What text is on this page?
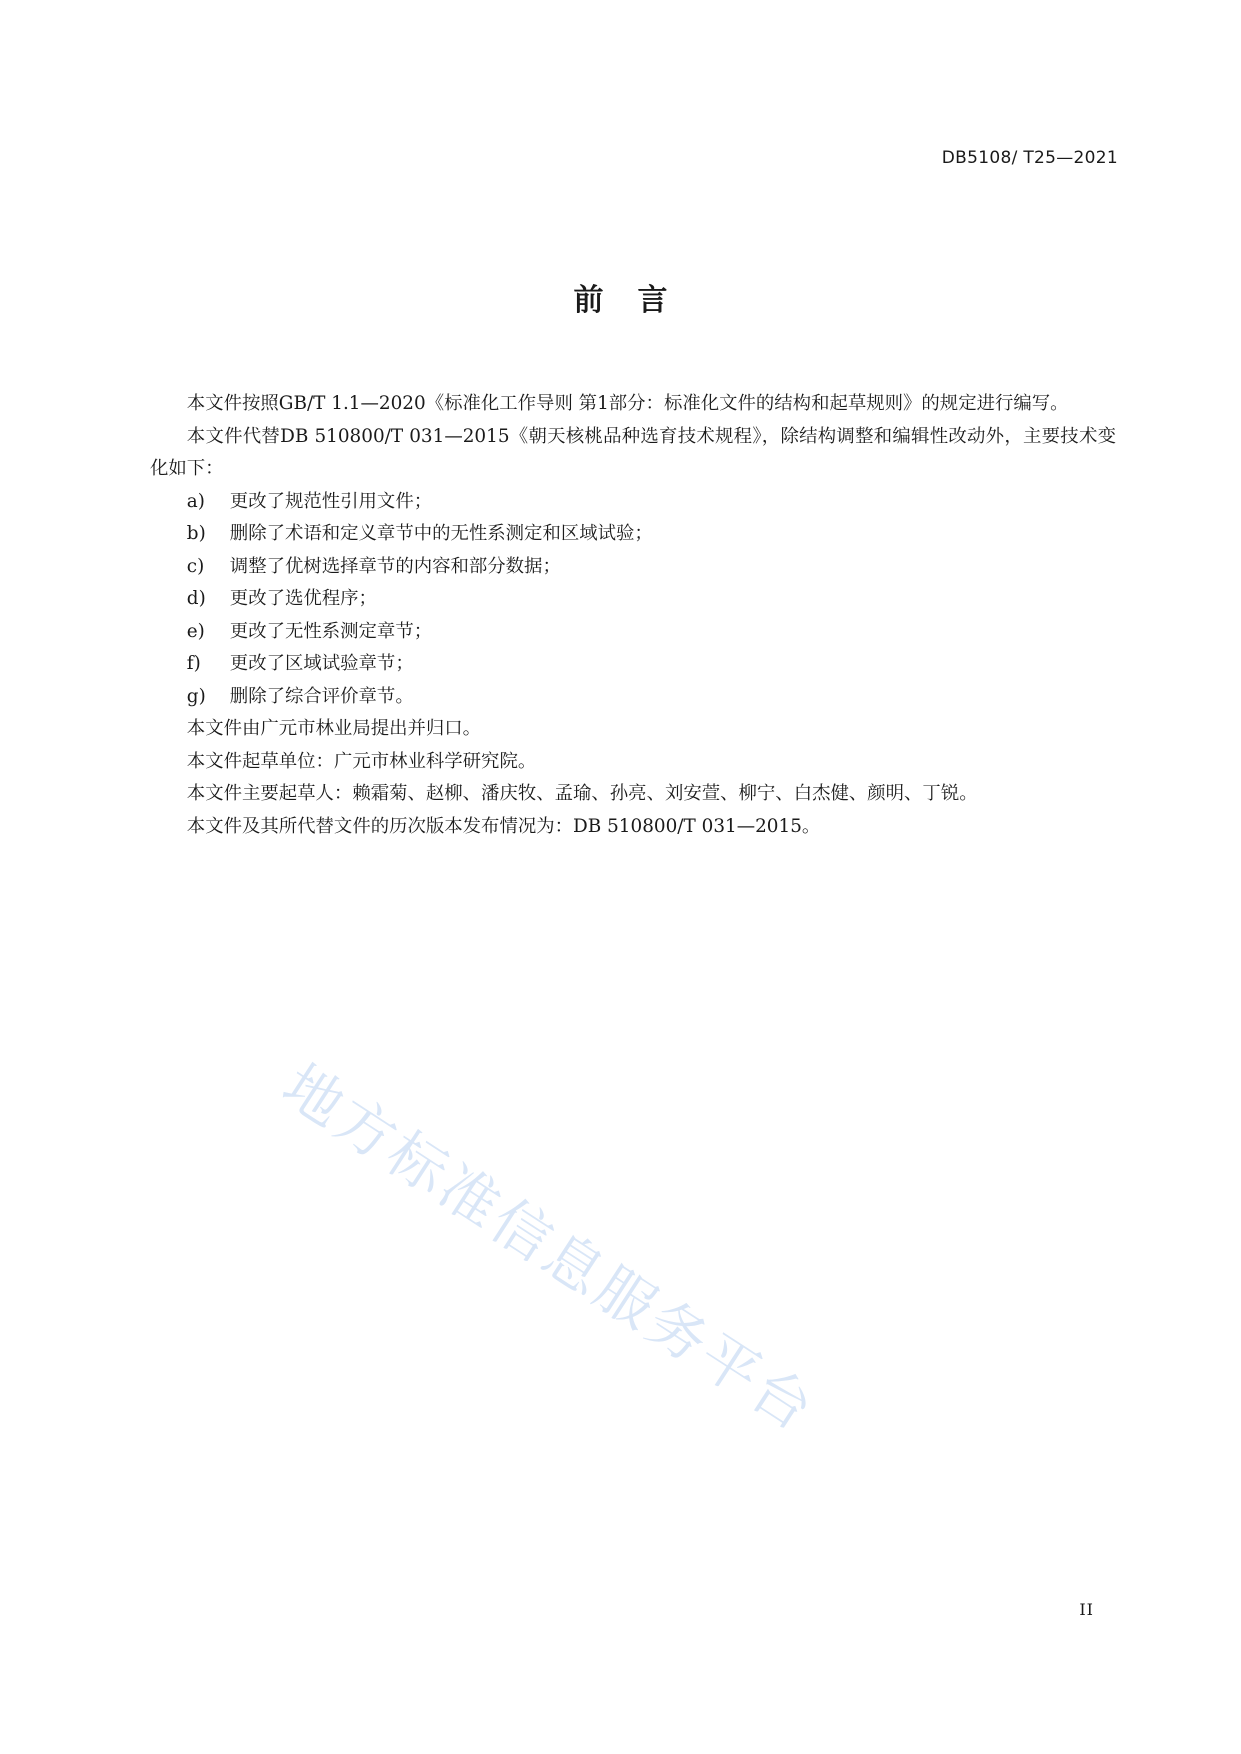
DB5108/ T25—2021
前言

本文件按照GB/T 1.1—2020《标准化工作导则 第1部分：标准化文件的结构和起草规则》的规定进行编写。

本文件代替DB 510800/T 031—2015《朝天核桃品种选育技术规程》，除结构调整和编辑性改动外，主要技术变化如下：

a) 更改了规范性引用文件；

b) 删除了术语和定义章节中的无性系测定和区域试验；

c) 调整了优树选择章节的内容和部分数据；

d) 更改了选优程序；

e) 更改了无性系测定章节；

f) 更改了区域试验章节；

g) 删除了综合评价章节。

本文件由广元市林业局提出并归口。

本文件起草单位：广元市林业科学研究院。

本文件主要起草人：赖霜菊、赵柳、潘庆牧、孟瑜、孙亮、刘安萱、柳宁、白杰健、颜明、丁锐。

本文件及其所代替文件的历次版本发布情况为：DB 510800/T 031—2015。

地方标准信息服务平台
II
